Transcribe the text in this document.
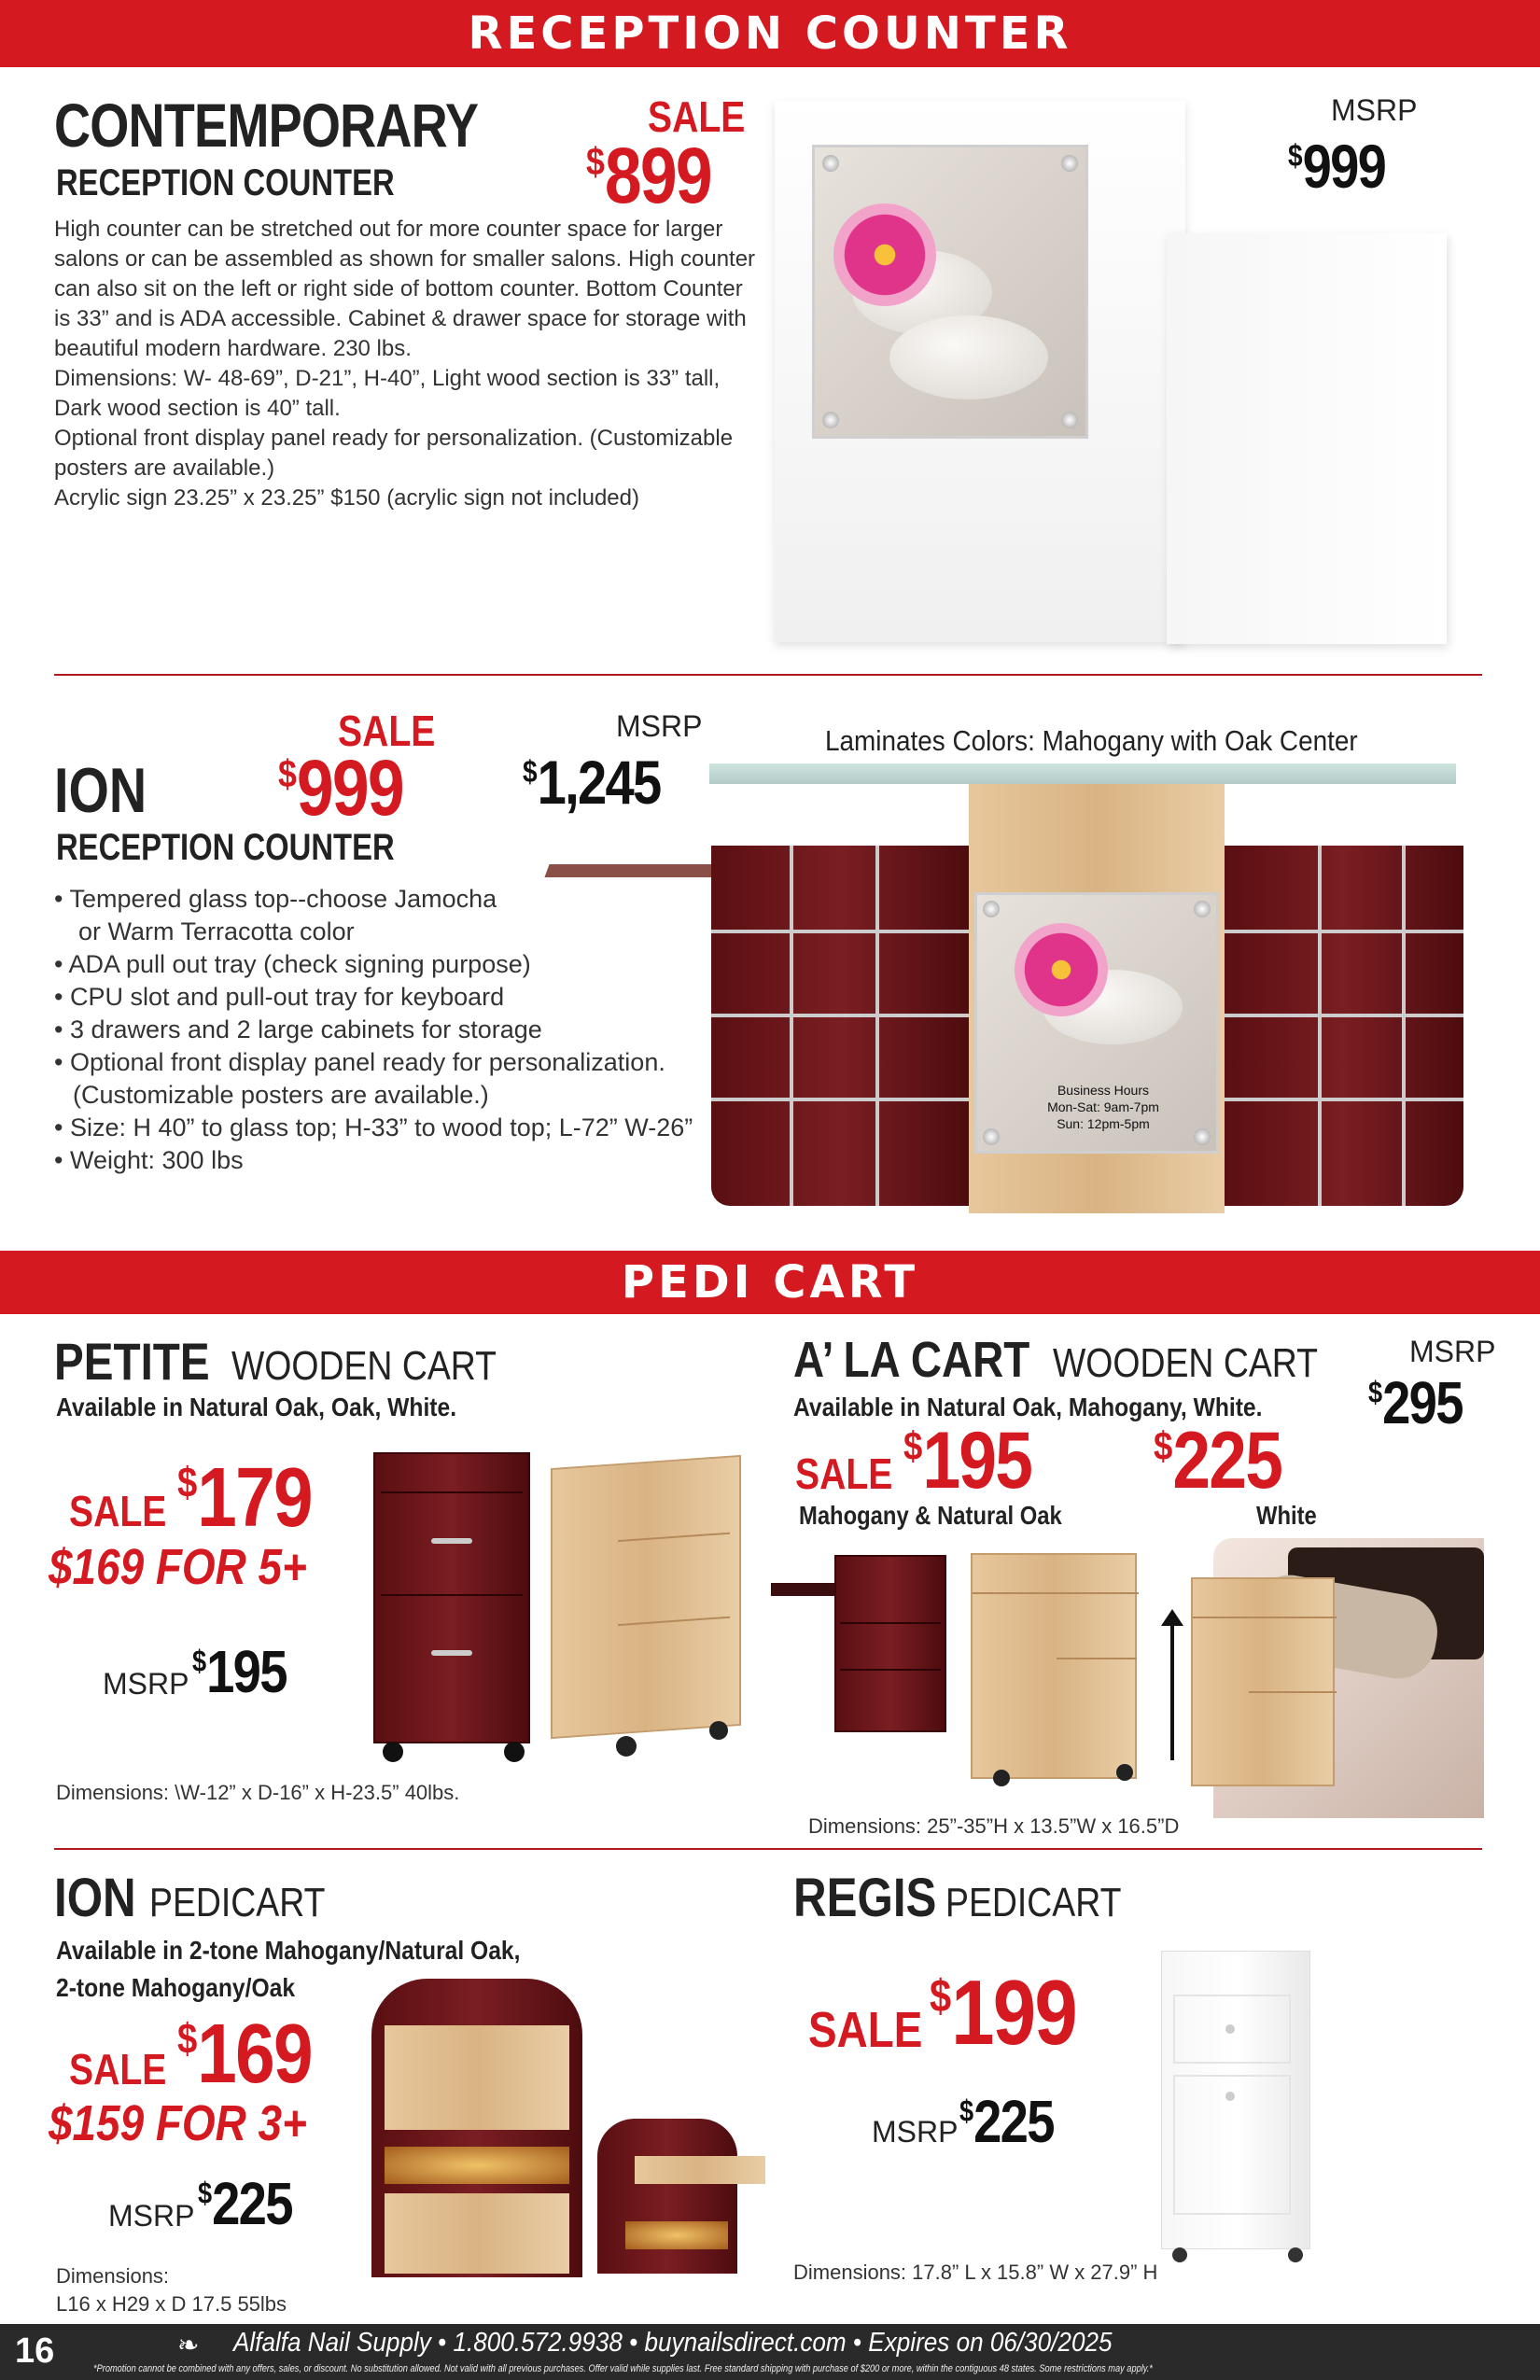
RECEPTION COUNTER
CONTEMPORARY
RECEPTION COUNTER
SALE
$899
High counter can be stretched out for more counter space for larger
salons or can be assembled as shown for smaller salons. High counter
can also sit on the left or right side of bottom counter. Bottom Counter
is 33” and is ADA accessible. Cabinet & drawer space for storage with
beautiful modern hardware. 230 lbs.
Dimensions: W- 48-69”, D-21”, H-40”, Light wood section is 33” tall,
Dark wood section is 40” tall.
Optional front display panel ready for personalization. (Customizable
posters are available.)
Acrylic sign 23.25” x 23.25” $150 (acrylic sign not included)
MSRP
$999
SALE
$999
ION
RECEPTION COUNTER
MSRP
$1,245
Laminates Colors: Mahogany with Oak Center
• Tempered glass top--choose Jamocha
or Warm Terracotta color
• ADA pull out tray (check signing purpose)
• CPU slot and pull-out tray for keyboard
• 3 drawers and 2 large cabinets for storage
• Optional front display panel ready for personalization.
(Customizable posters are available.)
• Size: H 40” to glass top; H-33” to wood top; L-72” W-26”
• Weight: 300 lbs
Business Hours
Mon-Sat: 9am-7pm
Sun: 12pm-5pm
PEDI CART
PETITE WOODEN CART
Available in Natural Oak, Oak, White.
SALE
$179
$169 FOR 5+
MSRP
$195
Dimensions: \W-12” x D-16” x H-23.5” 40lbs.
A’ LA CART WOODEN CART	MSRP
$295
Available in Natural Oak, Mahogany, White.
SALE
$195
Mahogany & Natural Oak
$225
White
Dimensions: 25”-35”H x 13.5”W x 16.5”D
ION PEDICART
Available in 2-tone Mahogany/Natural Oak,
2-tone Mahogany/Oak
SALE
$169
$159 FOR 3+
MSRP
$225
Dimensions:
L16 x H29 x D 17.5 55lbs
REGIS PEDICART
SALE
$199
MSRP
$225
Dimensions: 17.8” L x 15.8” W x 27.9” H
16	❧ Alfalfa Nail Supply • 1.800.572.9938 • buynailsdirect.com • Expires on 06/30/2025
*Promotion cannot be combined with any offers, sales, or discount. No substitution allowed. Not valid with all previous purchases. Offer valid while supplies last. Free standard shipping with purchase of $200 or more, within the contiguous 48 states. Some restrictions may apply.*
